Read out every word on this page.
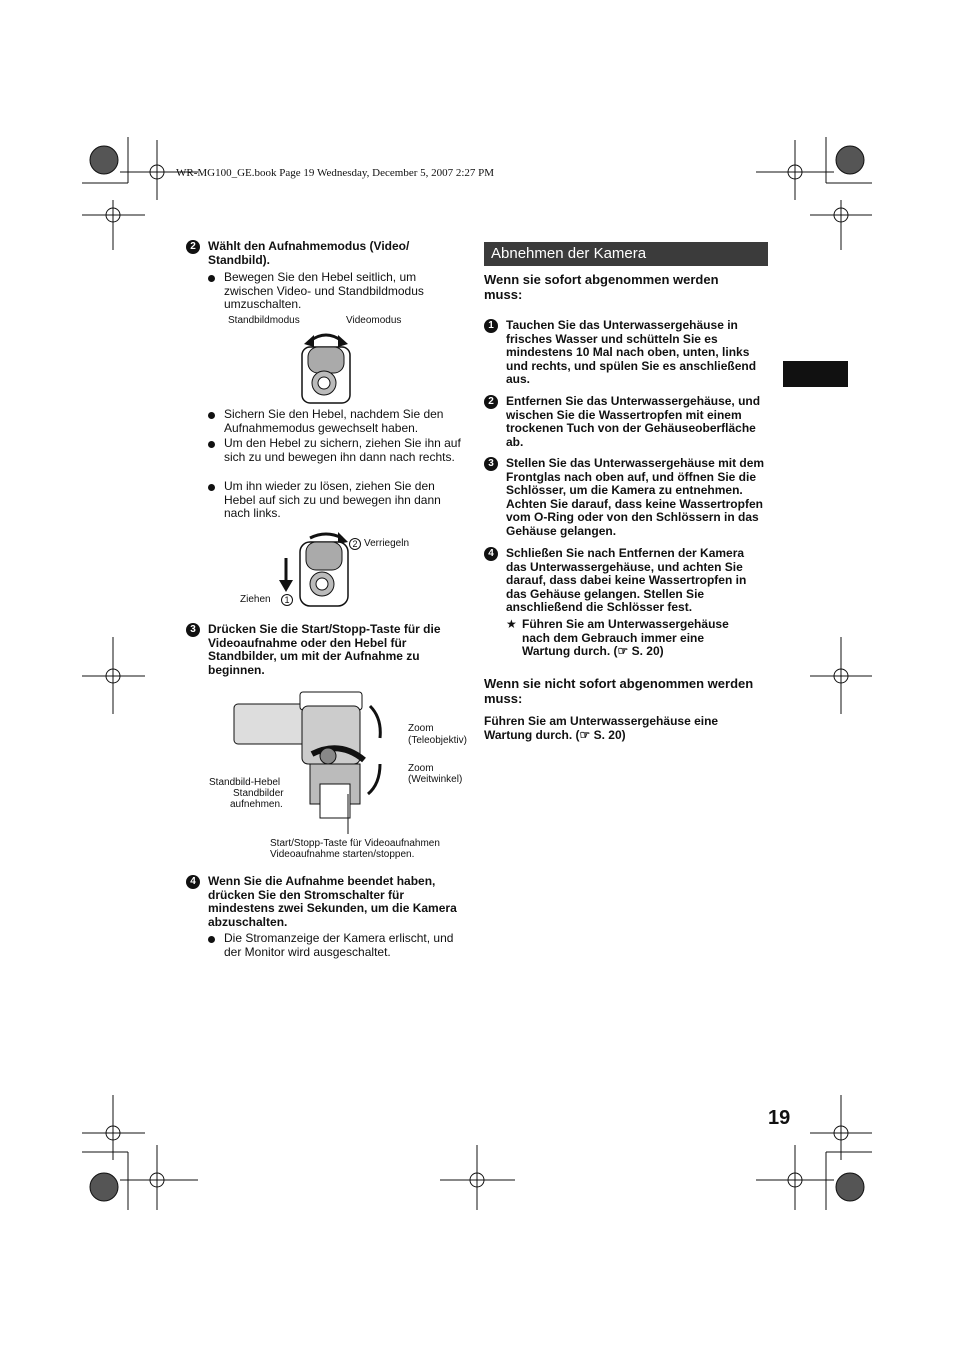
WR-MG100_GE.book Page 19 Wednesday, December 5, 2007 2:27 PM
2	Wählt den Aufnahmemodus (Video/ Standbild).
Bewegen Sie den Hebel seitlich, um zwischen Video- und Standbildmodus umzuschalten.
Standbildmodus	Videomodus
Sichern Sie den Hebel, nachdem Sie den Aufnahmemodus gewechselt haben.
Um den Hebel zu sichern, ziehen Sie ihn auf sich zu und bewegen ihn dann nach rechts.
Um ihn wieder zu lösen, ziehen Sie den Hebel auf sich zu und bewegen ihn dann nach links.
2 Verriegeln
Ziehen	1
3	Drücken Sie die Start/Stopp-Taste für die Videoaufnahme oder den Hebel für Standbilder, um mit der Aufnahme zu beginnen.
Zoom
(Teleobjektiv)
Zoom
(Weitwinkel)
Standbild-Hebel
Standbilder
aufnehmen.
Start/Stopp-Taste für Videoaufnahmen
Videoaufnahme starten/stoppen.
4	Wenn Sie die Aufnahme beendet haben, drücken Sie den Stromschalter für mindestens zwei Sekunden, um die Kamera abzuschalten.
Die Stromanzeige der Kamera erlischt, und der Monitor wird ausgeschaltet.
Abnehmen der Kamera
Wenn sie sofort abgenommen werden muss:
1	Tauchen Sie das Unterwassergehäuse in frisches Wasser und schütteln Sie es mindestens 10 Mal nach oben, unten, links und rechts, und spülen Sie es anschließend aus.
2	Entfernen Sie das Unterwassergehäuse, und wischen Sie die Wassertropfen mit einem trockenen Tuch von der Gehäuseoberfläche ab.
3	Stellen Sie das Unterwassergehäuse mit dem Frontglas nach oben auf, und öffnen Sie die Schlösser, um die Kamera zu entnehmen. Achten Sie darauf, dass keine Wassertropfen vom O-Ring oder von den Schlössern in das Gehäuse gelangen.
4	Schließen Sie nach Entfernen der Kamera das Unterwassergehäuse, und achten Sie darauf, dass dabei keine Wassertropfen in das Gehäuse gelangen. Stellen Sie anschließend die Schlösser fest.
★ Führen Sie am Unterwassergehäuse nach dem Gebrauch immer eine Wartung durch. (☞ S. 20)
Wenn sie nicht sofort abgenommen werden muss:
Führen Sie am Unterwassergehäuse eine Wartung durch. (☞ S. 20)
19
